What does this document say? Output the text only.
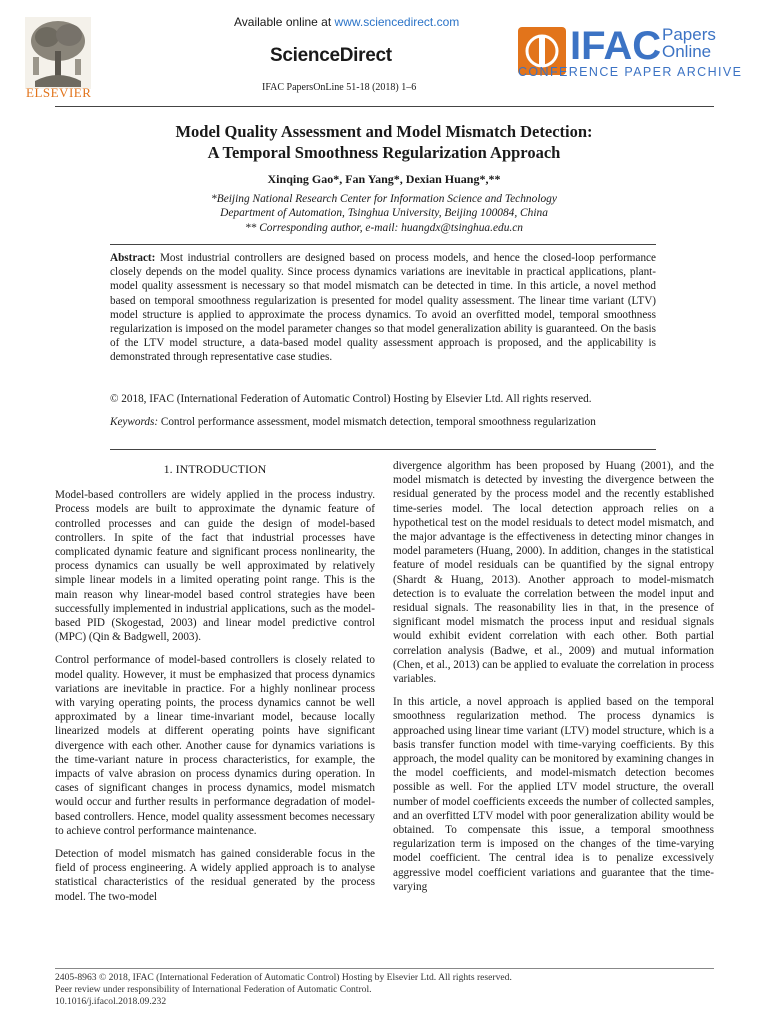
ELSEVIER
Available online at www.sciencedirect.com
ScienceDirect
IFAC PapersOnLine 51-18 (2018) 1–6
IFAC Papers
Online
CONFERENCE PAPER ARCHIVE
Model Quality Assessment and Model Mismatch Detection:
A Temporal Smoothness Regularization Approach
Xinqing Gao*, Fan Yang*, Dexian Huang*,**
*Beijing National Research Center for Information Science and Technology
Department of Automation, Tsinghua University, Beijing 100084, China
** Corresponding author, e-mail: huangdx@tsinghua.edu.cn
Abstract: Most industrial controllers are designed based on process models, and hence the closed-loop performance closely depends on the model quality. Since process dynamics variations are inevitable in practical applications, plant-model quality assessment is necessary so that model mismatch can be detected in time. In this article, a novel method based on temporal smoothness regularization is presented for model quality assessment. The linear time variant (LTV) model structure is applied to approximate the process dynamics. To avoid an overfitted model, temporal smoothness regularization is imposed on the model parameter changes so that model generalization ability is guaranteed. On the basis of the LTV model structure, a data-based model quality assessment approach is proposed, and the applicability is demonstrated through representative case studies.
© 2018, IFAC (International Federation of Automatic Control) Hosting by Elsevier Ltd. All rights reserved.
Keywords: Control performance assessment, model mismatch detection, temporal smoothness regularization
1. INTRODUCTION

Model-based controllers are widely applied in the process industry. Process models are built to approximate the dynamic feature of controlled processes and can guide the design of model-based controllers. In spite of the fact that industrial processes have complicated dynamic feature and significant process nonlinearity, the process dynamics can usually be well approximated by relatively simple linear models in a limited operating point range. This is the main reason why linear-model based control strategies have been successfully implemented in industrial applications, such as the model-based PID (Skogestad, 2003) and linear model predictive control (MPC) (Qin & Badgwell, 2003).

Control performance of model-based controllers is closely related to model quality. However, it must be emphasized that process dynamics variations are inevitable in practice. For a highly nonlinear process with varying operating points, the process dynamics cannot be well approximated by a linear time-invariant model, because locally linearized models at different operating points have significant divergence with each other. Another cause for dynamics variations is the time-variant nature in process characteristics, for example, the impacts of valve abrasion on process dynamics during operation. In cases of significant changes in process dynamics, model mismatch would occur and further results in performance degradation of model-based controllers. Hence, model quality assessment becomes necessary to achieve control performance maintenance.

Detection of model mismatch has gained considerable focus in the field of process engineering. A widely applied approach is to analyse statistical characteristics of the residual generated by the process model. The two-model

divergence algorithm has been proposed by Huang (2001), and the model mismatch is detected by investing the divergence between the residual generated by the process model and the recently established time-series model. The local detection approach relies on a hypothetical test on the model residuals to detect model mismatch, and the major advantage is the effectiveness in detecting minor changes in model parameters (Huang, 2000). In addition, changes in the statistical feature of model residuals can be quantified by the signal entropy (Shardt & Huang, 2013). Another approach to model-mismatch detection is to evaluate the correlation between the model input and residual signals. The reasonability lies in that, in the presence of significant model mismatch the process input and residual signals would exhibit evident correlation with each other. Both partial correlation analysis (Badwe, et al., 2009) and mutual information (Chen, et al., 2013) can be applied to evaluate the correlation in process variables.

In this article, a novel approach is applied based on the temporal smoothness regularization method. The process dynamics is approached using linear time variant (LTV) model structure, which is a basis transfer function model with time-varying coefficients. By this approach, the model quality can be monitored by examining changes in the model coefficients, and model-mismatch detection becomes possible as well. For the applied LTV model structure, the overall number of model coefficients exceeds the number of collected samples, and an overfitted LTV model with poor generalization ability would be obtained. To compensate this issue, a temporal smoothness regularization term is imposed on the changes of the time-varying model coefficient. The central idea is to penalize excessively aggressive model coefficient variations and guarantee that the time-varying

2405-8963 © 2018, IFAC (International Federation of Automatic Control) Hosting by Elsevier Ltd. All rights reserved.
Peer review under responsibility of International Federation of Automatic Control.
10.1016/j.ifacol.2018.09.232
